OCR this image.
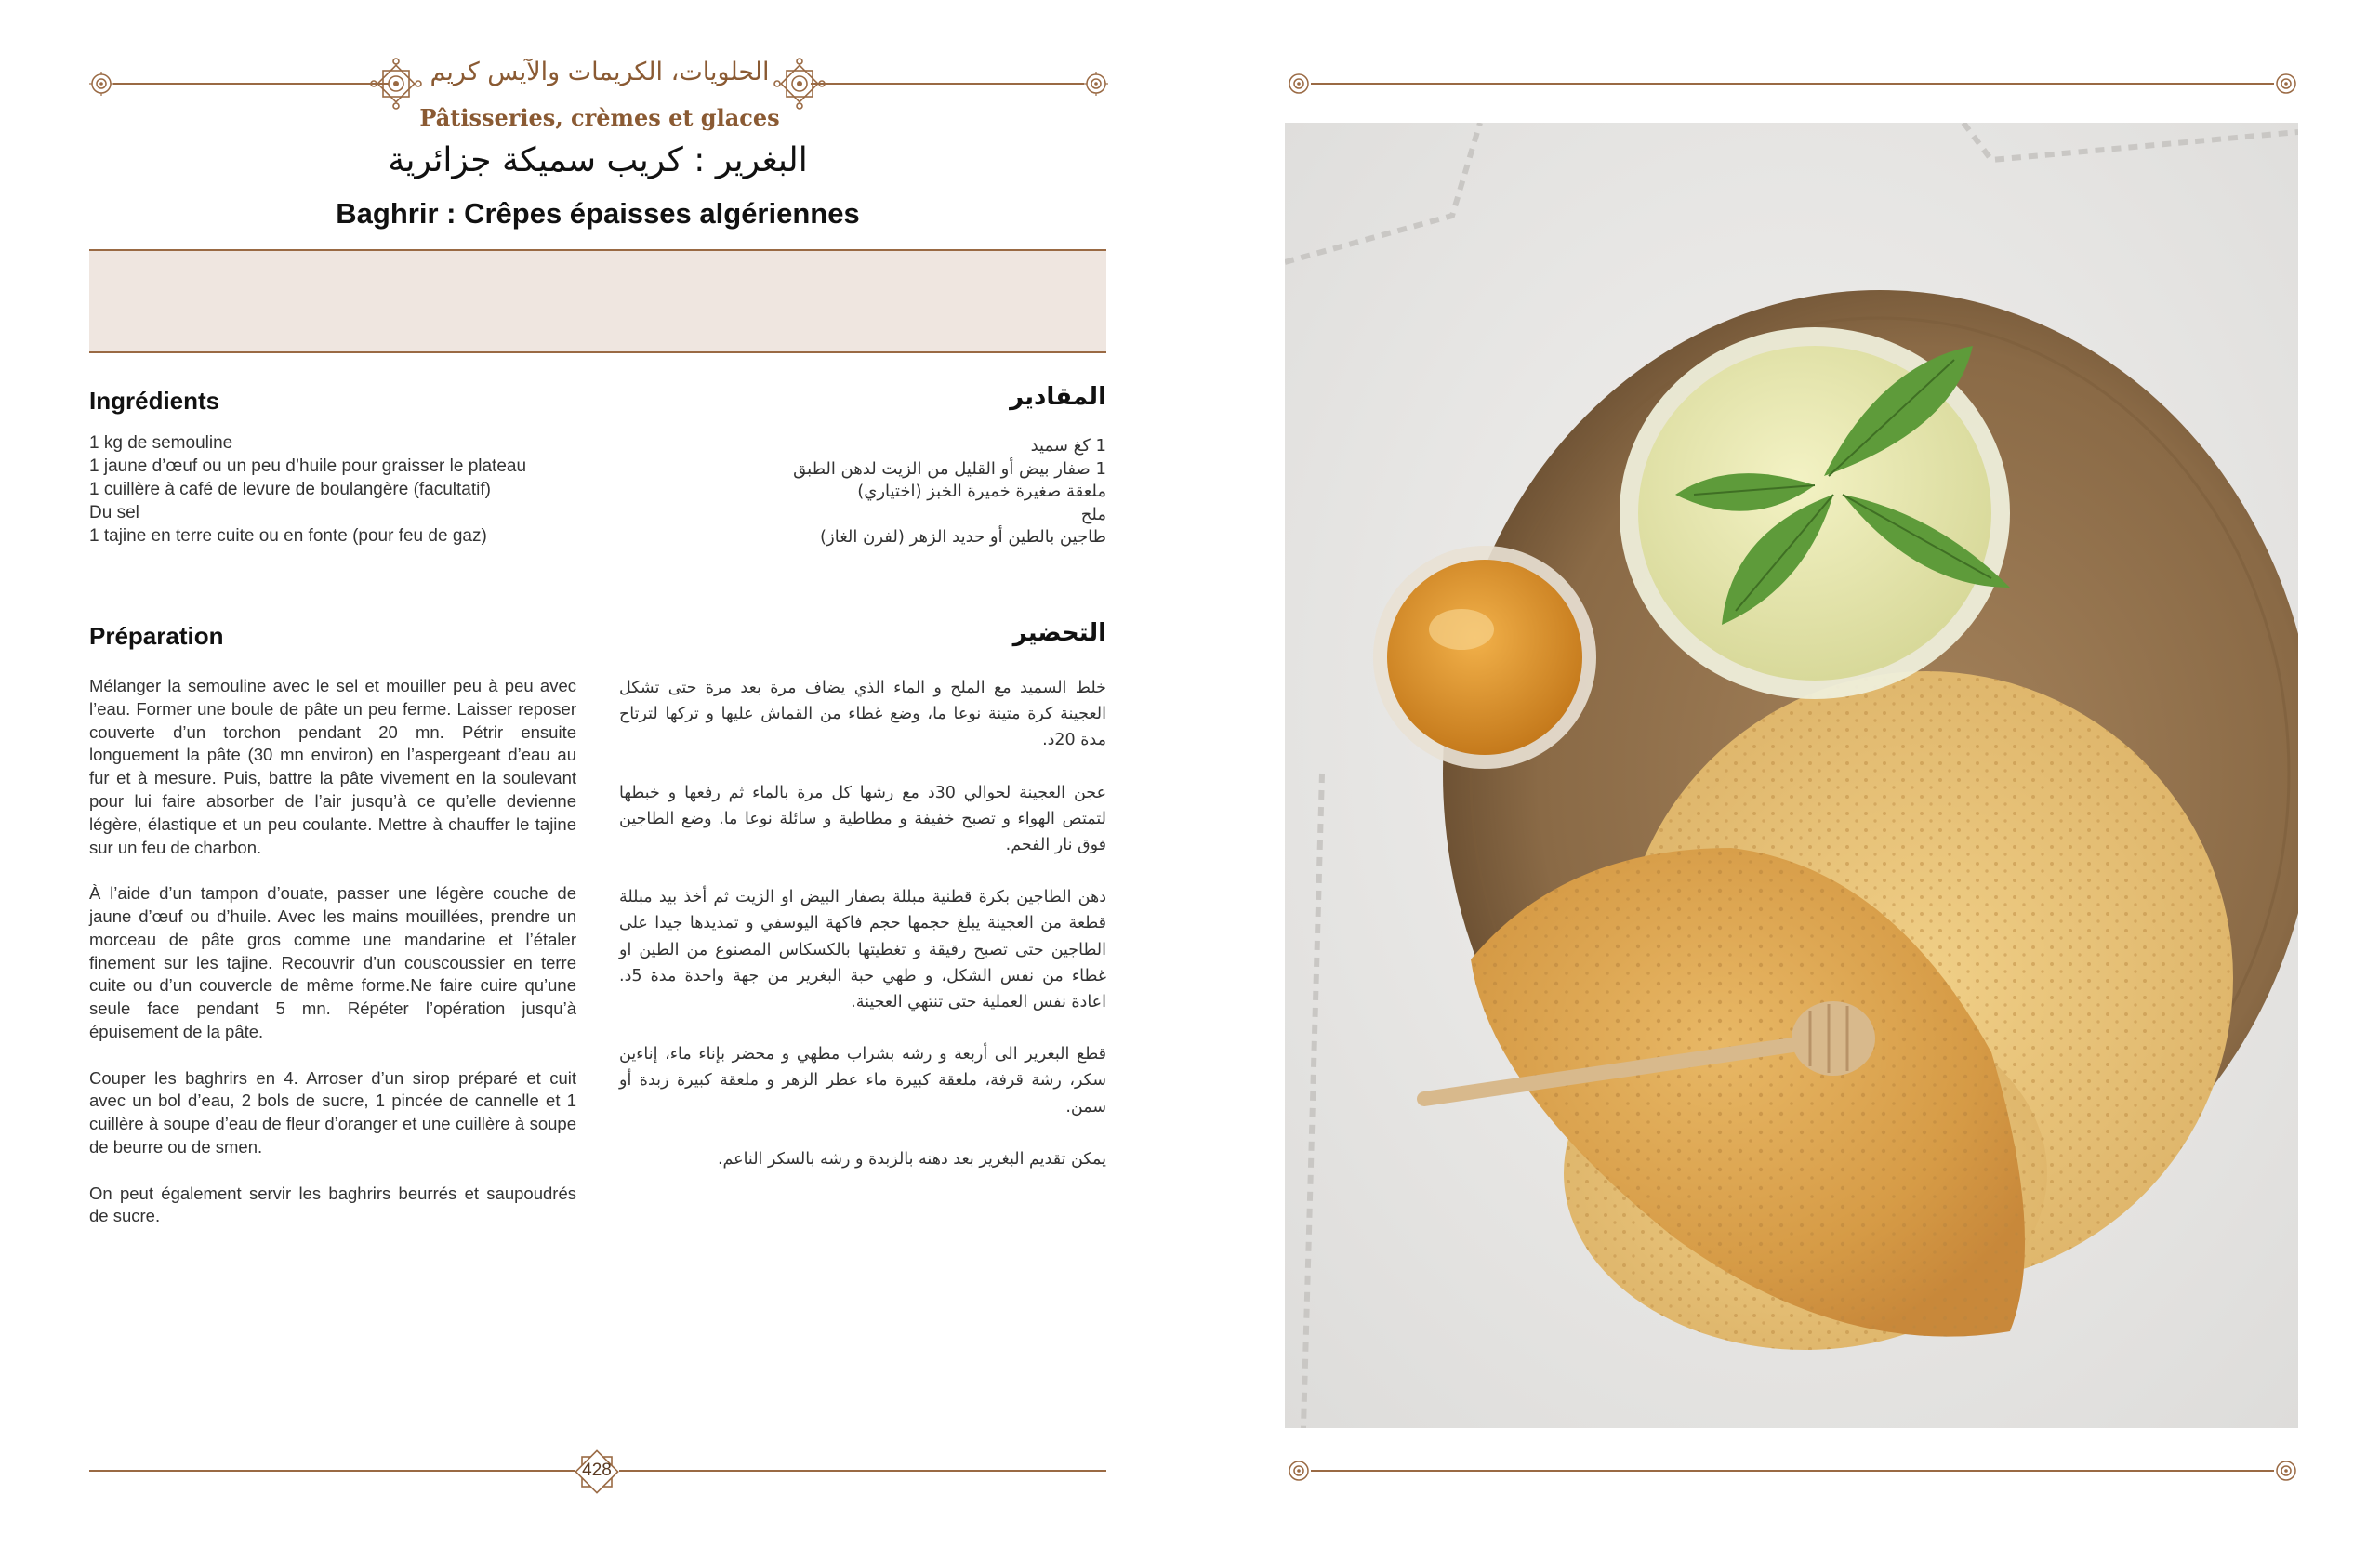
الحلويات، الكريمات والآيس كريم
Pâtisseries, crèmes et glaces
البغرير : كريب سميكة جزائرية
Baghrir : Crêpes épaisses algériennes
Ingrédients	المقادير
1 kg de semouline
1 jaune d’œuf ou un peu d’huile pour graisser le plateau
1 cuillère à café de levure de boulangère (facultatif)
Du sel
1 tajine en terre cuite ou en fonte (pour feu de gaz)
1 كغ سميد
1 صفار بيض أو القليل من الزيت لدهن الطبق
ملعقة صغيرة خميرة الخبز (اختياري)
ملح
طاجين بالطين أو حديد الزهر (لفرن الغاز)
Préparation	التحضير

Mélanger la semouline avec le sel et mouiller peu à peu avec l’eau. Former une boule de pâte un peu ferme. Laisser reposer couverte d’un torchon pendant 20 mn. Pétrir ensuite longuement la pâte (30 mn environ) en l’aspergeant d’eau au fur et à mesure. Puis, battre la pâte vivement en la soulevant pour lui faire absorber de l’air jusqu’à ce qu’elle devienne légère, élastique et un peu coulante. Mettre à chauffer le tajine sur un feu de charbon.

À l’aide d’un tampon d’ouate, passer une légère couche de jaune d’œuf ou d’huile. Avec les mains mouillées, prendre un morceau de pâte gros comme une mandarine et l’étaler finement sur les tajine. Recouvrir d’un couscoussier en terre cuite ou d’un couvercle de même forme.Ne faire cuire qu’une seule face pendant 5 mn. Répéter l’opération jusqu’à épuisement de la pâte.

Couper les baghrirs en 4. Arroser d’un sirop préparé et cuit avec un bol d’eau, 2 bols de sucre, 1 pincée de cannelle et 1 cuillère à soupe d’eau de fleur d’oranger et une cuillère à soupe de beurre ou de smen.

On peut également servir les baghrirs beurrés et saupoudrés de sucre.

خلط السميد مع الملح و الماء الذي يضاف مرة بعد مرة حتى تشكل العجينة كرة متينة نوعا ما، وضع غطاء من القماش عليها و تركها لترتاح مدة 20د.

عجن العجينة لحوالي 30د مع رشها كل مرة بالماء ثم رفعها و خبطها لتمتص الهواء و تصبح خفيفة و مطاطية و سائلة نوعا ما. وضع الطاجين فوق نار الفحم.

دهن الطاجين بكرة قطنية مبللة بصفار البيض او الزيت ثم أخذ بيد مبللة قطعة من العجينة يبلغ حجمها حجم فاكهة اليوسفي و تمديدها جيدا على الطاجين حتى تصبح رقيقة و تغطيتها بالكسكاس المصنوع من الطين او غطاء من نفس الشكل، و طهي حبة البغرير من جهة واحدة مدة 5د. اعادة نفس العملية حتى تنتهي العجينة.

قطع البغرير الى أربعة و رشه بشراب مطهي و محضر بإناء ماء، إناءين سكر، رشة قرفة، ملعقة كبيرة ماء عطر الزهر و ملعقة كبيرة زبدة أو سمن.

يمكن تقديم البغرير بعد دهنه بالزبدة و رشه بالسكر الناعم.

428
